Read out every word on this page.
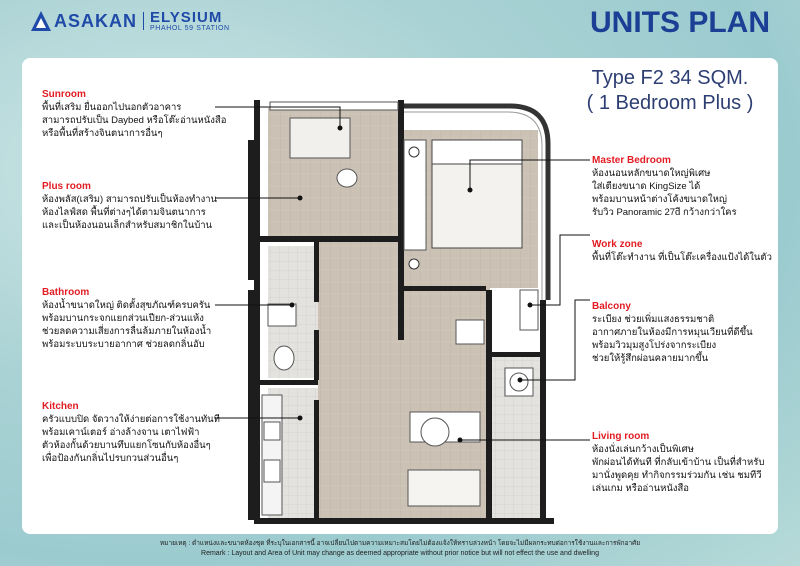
ASAKAN ELYSIUM
PHAHOL 59 STATION	UNITS PLAN
Type F2 34 SQM.
( 1 Bedroom Plus )
Sunroom
พื้นที่เสริม ยื่นออกไปนอกตัวอาคาร
สามารถปรับเป็น Daybed หรือโต๊ะอ่านหนังสือ
หรือพื้นที่สร้างจินตนาการอื่นๆ
Plus room
ห้องพลัส(เสริม) สามารถปรับเป็นห้องทำงาน
ห้องไลฟ์สด พื้นที่ต่างๆได้ตามจินตนาการ
และเป็นห้องนอนเล็กสำหรับสมาชิกในบ้าน
Bathroom
ห้องน้ำขนาดใหญ่ ติดตั้งสุขภัณฑ์ครบครัน
พร้อมบานกระจกแยกส่วนเปียก-ส่วนแห้ง
ช่วยลดความเสี่ยงการลื่นล้มภายในห้องน้ำ
พร้อมระบบระบายอากาศ ช่วยลดกลิ่นอับ
Kitchen
ครัวแบบปิด จัดวางให้ง่ายต่อการใช้งานทันที
พร้อมเคาน์เตอร์ อ่างล้างจาน เตาไฟฟ้า
ตัวห้องกั้นด้วยบานทึบแยกโซนกับห้องอื่นๆ
เพื่อป้องกันกลิ่นไปรบกวนส่วนอื่นๆ
Master Bedroom
ห้องนอนหลักขนาดใหญ่พิเศษ
ใส่เตียงขนาด KingSize ได้
พร้อมบานหน้าต่างโค้งขนาดใหญ่
รับวิว Panoramic 27dี กว้างกว่าใคร
Work zone
พื้นที่โต๊ะทำงาน ที่เป็นโต๊ะเครื่องแป้งได้ในตัว
Balcony
ระเบียง ช่วยเพิ่มแสงธรรมชาติ
อากาศภายในห้องมีการหมุนเวียนที่ดีขึ้น
พร้อมวิวมุมสูงโปร่งจากระเบียง
ช่วยให้รู้สึกผ่อนคลายมากขึ้น
Living room
ห้องนั่งเล่นกว้างเป็นพิเศษ
พักผ่อนได้ทันที ที่กลับเข้าบ้าน เป็นที่สำหรับ
มานั่งพูดคุย ทำกิจกรรมร่วมกัน เช่น ชมทีวี
เล่นเกม หรืออ่านหนังสือ
หมายเหตุ : ตำแหน่งและขนาดห้องชุด ที่ระบุในเอกสารนี้ อาจเปลี่ยนไปตามความเหมาะสมโดยไม่ต้องแจ้งให้ทราบล่วงหน้า โดยจะไม่มีผลกระทบต่อการใช้งานและการพักอาศัย
Remark : Layout and Area of Unit may change as deemed appropriate without prior notice but will not effect the use and dwelling
